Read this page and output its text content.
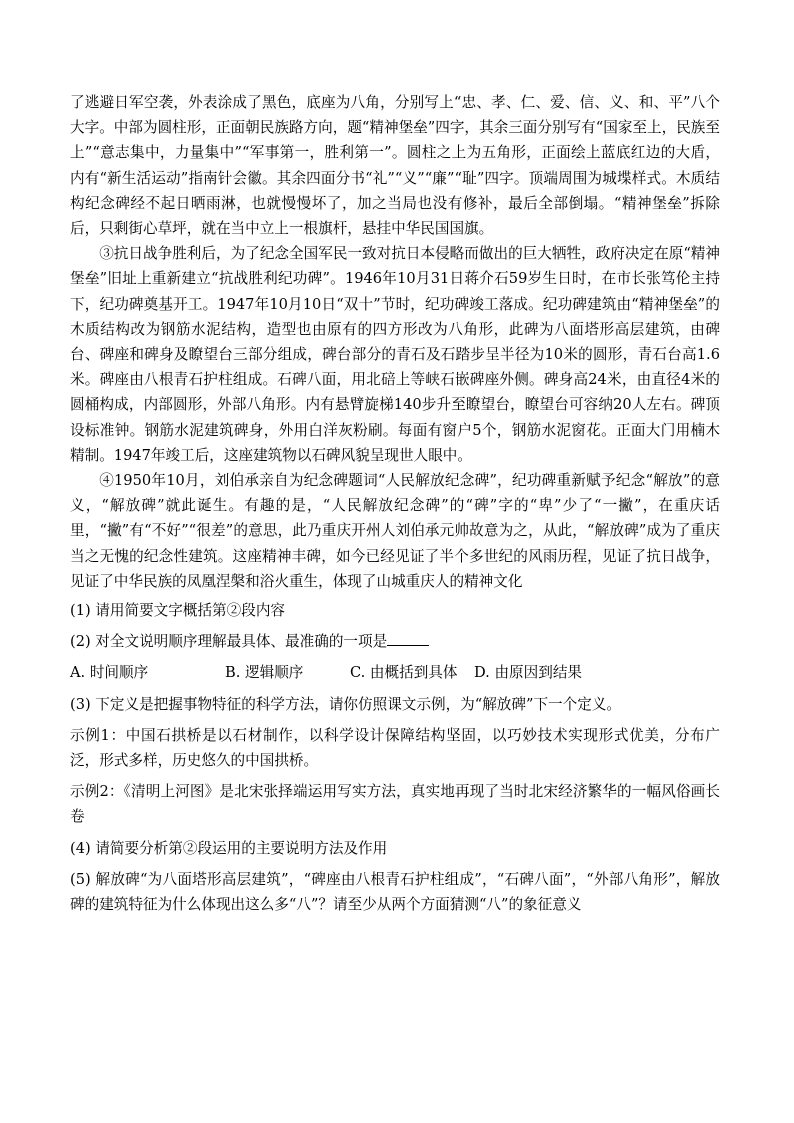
了逃避日军空袭，外表涂成了黑色，底座为八角，分别写上“忠、孝、仁、爱、信、义、和、平”八个大字。中部为圆柱形，正面朝民族路方向，题“精神堡垒”四字，其余三面分别写有“国家至上，民族至上”“意志集中，力量集中”“军事第一，胜利第一”。圆柱之上为五角形，正面绘上蓝底红边的大盾，内有“新生活运动”指南针会徽。其余四面分书“礼”“义”“廉”“耻”四字。顶端周围为城堞样式。木质结构纪念碑经不起日晒雨淋，也就慢慢坏了，加之当局也没有修补，最后全部倒塌。“精神堡垒”拆除后，只剩街心草坪，就在当中立上一根旗杆，悬挂中华民国国旗。

③抗日战争胜利后，为了纪念全国军民一致对抗日本侵略而做出的巨大牺牲，政府决定在原“精神堡垒”旧址上重新建立“抗战胜利纪功碑”。1946年10月31日蒋介石59岁生日时，在市长张笃伦主持下，纪功碑奠基开工。1947年10月10日“双十”节时，纪功碑竣工落成。纪功碑建筑由“精神堡垒”的木质结构改为钢筋水泥结构，造型也由原有的四方形改为八角形，此碑为八面塔形高层建筑，由碑台、碑座和碑身及瞭望台三部分组成，碑台部分的青石及石踏步呈半径为10米的圆形，青石台高1.6米。碑座由八根青石护柱组成。石碑八面，用北碚上等峡石嵌碑座外侧。碑身高24米，由直径4米的圆桶构成，内部圆形，外部八角形。内有悬臂旋梯140步升至瞭望台，瞭望台可容纳20人左右。碑顶设标准钟。钢筋水泥建筑碑身，外用白洋灰粉刷。每面有窗户5个，钢筋水泥窗花。正面大门用楠木精制。1947年竣工后，这座建筑物以石碑风貌呈现世人眼中。

④1950年10月，刘伯承亲自为纪念碑题词“人民解放纪念碑”，纪功碑重新赋予纪念“解放”的意义，“解放碑”就此诞生。有趣的是，“人民解放纪念碑”的“碑”字的“卑”少了“一撇”，在重庆话里，“撇”有“不好”“很差”的意思，此乃重庆开州人刘伯承元帅故意为之，从此，“解放碑”成为了重庆当之无愧的纪念性建筑。这座精神丰碑，如今已经见证了半个多世纪的风雨历程，见证了抗日战争，见证了中华民族的凤凰涅槃和浴火重生，体现了山城重庆人的精神文化

(1) 请用简要文字概括第②段内容

(2) 对全文说明顺序理解最具体、最准确的一项是

A. 时间顺序	B. 逻辑顺序	C. 由概括到具体	D. 由原因到结果

(3) 下定义是把握事物特征的科学方法，请你仿照课文示例，为“解放碑”下一个定义。

示例1：中国石拱桥是以石材制作，以科学设计保障结构坚固，以巧妙技术实现形式优美，分布广泛，形式多样，历史悠久的中国拱桥。

示例2：《清明上河图》是北宋张择端运用写实方法，真实地再现了当时北宋经济繁华的一幅风俗画长卷

(4) 请简要分析第②段运用的主要说明方法及作用

(5) 解放碑“为八面塔形高层建筑”，“碑座由八根青石护柱组成”，“石碑八面”，“外部八角形”，解放碑的建筑特征为什么体现出这么多“八”？请至少从两个方面猜测“八”的象征意义
